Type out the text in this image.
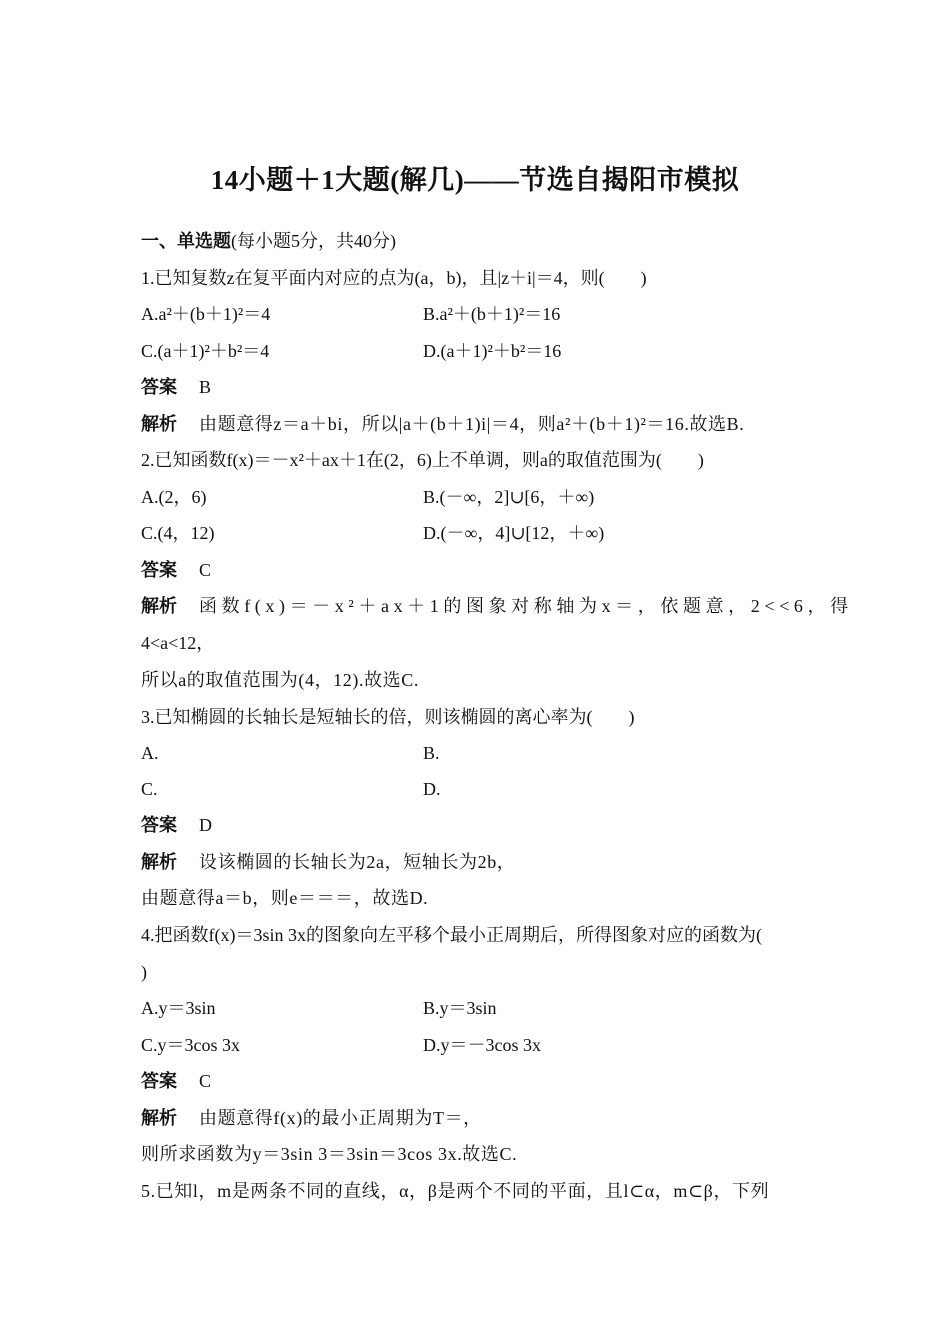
14小题＋1大题(解几)——节选自揭阳市模拟
一、单选题(每小题5分，共40分)
1.已知复数z在复平面内对应的点为(a，b)，且|z＋i|＝4，则(　　)
A.a²＋(b＋1)²＝4	B.a²＋(b＋1)²＝16
C.(a＋1)²＋b²＝4	D.(a＋1)²＋b²＝16
答案 B
解析 由题意得z＝a＋bi，所以|a＋(b＋1)i|＝4，则a²＋(b＋1)²＝16.故选B.
2.已知函数f(x)＝－x²＋ax＋1在(2，6)上不单调，则a的取值范围为(　　)
A.(2，6)	B.(－∞，2]∪[6，＋∞)
C.(4，12)	D.(－∞，4]∪[12，＋∞)
答案 C
解析 函数f(x)＝－x²＋ax＋1的图象对称轴为x＝，依题意，2<<6，得
4<a<12，
所以a的取值范围为(4，12).故选C.
3.已知椭圆的长轴长是短轴长的倍，则该椭圆的离心率为(　　)
A.	B.
C.	D.
答案 D
解析 设该椭圆的长轴长为2a，短轴长为2b，
由题意得a＝b，则e＝＝＝，故选D.
4.把函数f(x)＝3sin 3x的图象向左平移个最小正周期后，所得图象对应的函数为(
)
A.y＝3sin	B.y＝3sin
C.y＝3cos 3x	D.y＝－3cos 3x
答案 C
解析 由题意得f(x)的最小正周期为T＝，
则所求函数为y＝3sin 3＝3sin＝3cos 3x.故选C.
5.已知l，m是两条不同的直线，α，β是两个不同的平面，且l⊂α，m⊂β，下列
